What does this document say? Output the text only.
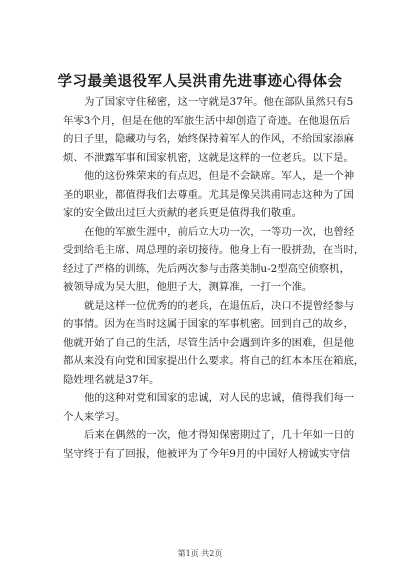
学习最美退役军人吴洪甫先进事迹心得体会

为了国家守住秘密，这一守就是37年。他在部队虽然只有5
年零3个月，但是在他的军旅生活中却创造了奇迹。在他退伍后
的日子里，隐藏功与名，始终保持着军人的作风，不给国家添麻
烦、不泄露军事和国家机密，这就是这样的一位老兵。以下是。

他的这份殊荣来的有点迟，但是不会缺席。军人，是一个神
圣的职业，都值得我们去尊重。尤其是像吴洪甫同志这种为了国
家的安全做出过巨大贡献的老兵更是值得我们敬重。

在他的军旅生涯中，前后立大功一次，一等功一次，也曾经
受到给毛主席、周总理的亲切接待。他身上有一股拼劲，在当时，
经过了严格的训练，先后两次参与击落美制u-2型高空侦察机，
被领导成为吴大胆，他胆子大，测算准，一打一个准。

就是这样一位优秀的的老兵，在退伍后，决口不提曾经参与
的事情。因为在当时这属于国家的军事机密。回到自己的故乡，
他就开始了自己的生活，尽管生活中会遇到许多的困难，但是他
都从来没有向党和国家提出什么要求。将自己的红本本压在箱底，
隐姓埋名就是37年。

他的这种对党和国家的忠诚，对人民的忠诚，值得我们每一
个人来学习。

后来在偶然的一次，他才得知保密期过了，几十年如一日的
坚守终于有了回报，他被评为了今年9月的中国好人榜诚实守信

第1页 共2页
